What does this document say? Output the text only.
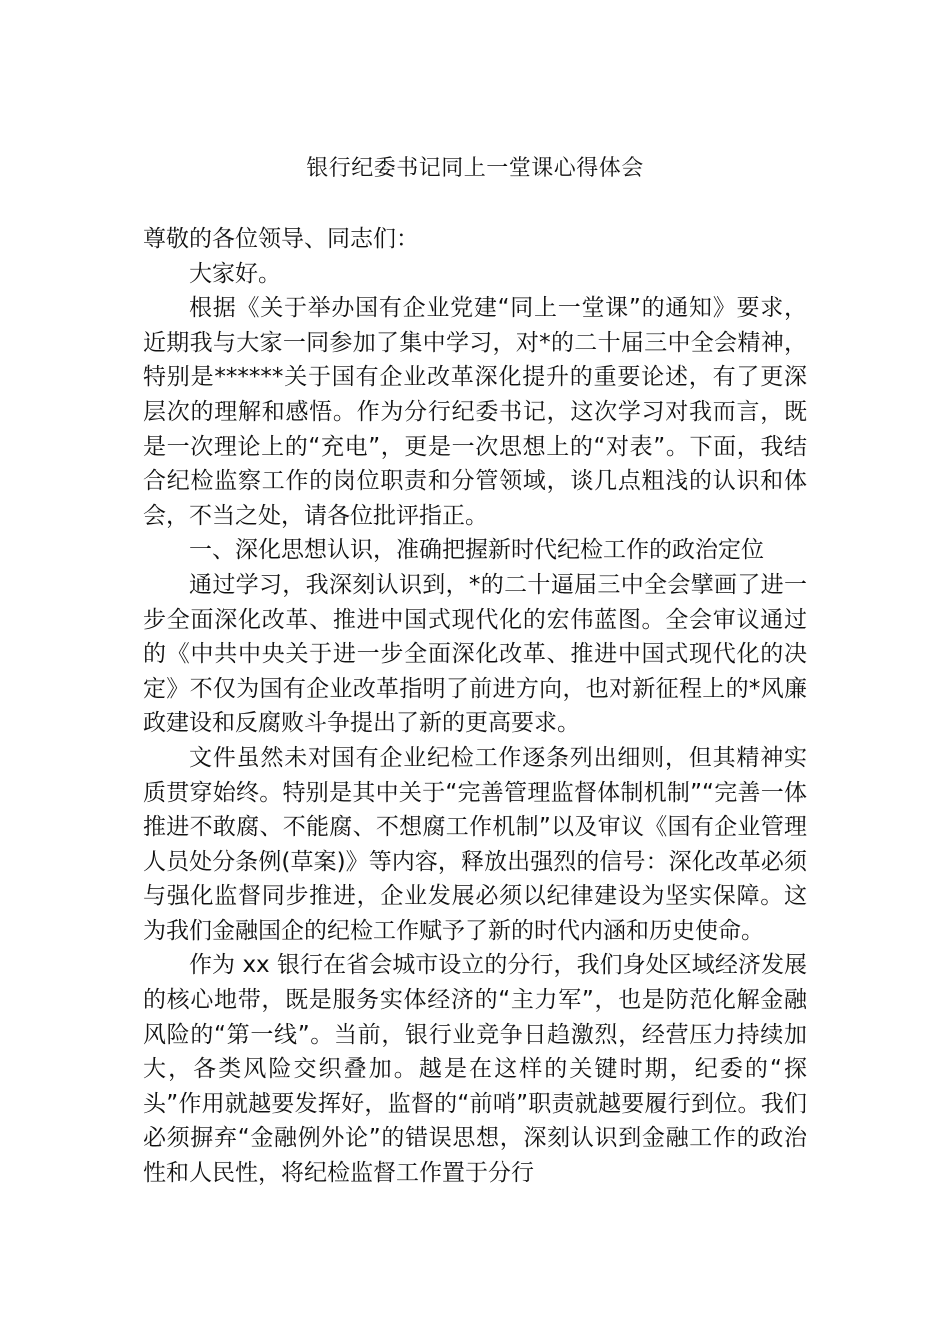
银行纪委书记同上一堂课心得体会

尊敬的各位领导、同志们：

大家好。

根据《关于举办国有企业党建“同上一堂课”的通知》要求，近期我与大家一同参加了集中学习，对*的二十届三中全会精神，特别是******关于国有企业改革深化提升的重要论述，有了更深层次的理解和感悟。作为分行纪委书记，这次学习对我而言，既是一次理论上的“充电”，更是一次思想上的“对表”。下面，我结合纪检监察工作的岗位职责和分管领域，谈几点粗浅的认识和体会，不当之处，请各位批评指正。

一、深化思想认识，准确把握新时代纪检工作的政治定位

通过学习，我深刻认识到，*的二十逼届三中全会擘画了进一步全面深化改革、推进中国式现代化的宏伟蓝图。全会审议通过的《中共中央关于进一步全面深化改革、推进中国式现代化的决定》不仅为国有企业改革指明了前进方向，也对新征程上的*风廉政建设和反腐败斗争提出了新的更高要求。

文件虽然未对国有企业纪检工作逐条列出细则，但其精神实质贯穿始终。特别是其中关于“完善管理监督体制机制”“完善一体推进不敢腐、不能腐、不想腐工作机制”以及审议《国有企业管理人员处分条例(草案)》等内容，释放出强烈的信号：深化改革必须与强化监督同步推进，企业发展必须以纪律建设为坚实保障。这为我们金融国企的纪检工作赋予了新的时代内涵和历史使命。

作为 xx 银行在省会城市设立的分行，我们身处区域经济发展的核心地带，既是服务实体经济的“主力军”，也是防范化解金融风险的“第一线”。当前，银行业竞争日趋激烈，经营压力持续加大，各类风险交织叠加。越是在这样的关键时期，纪委的“探头”作用就越要发挥好，监督的“前哨”职责就越要履行到位。我们必须摒弃“金融例外论”的错误思想，深刻认识到金融工作的政治性和人民性，将纪检监督工作置于分行
